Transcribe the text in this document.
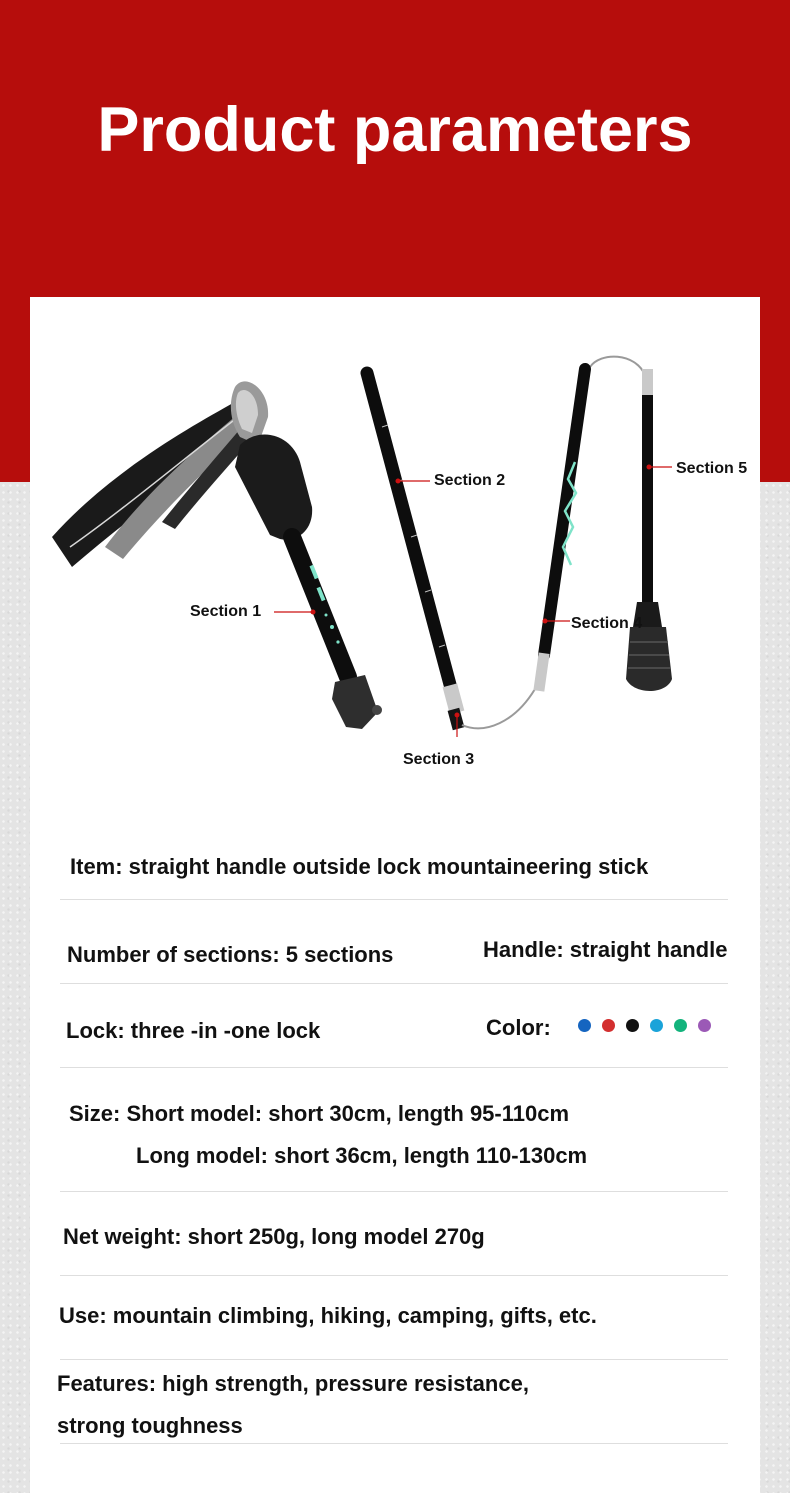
Product parameters
Section 1
Section 2
Section 3
Section 4
Section 5
Item: straight handle outside lock mountaineering stick
Number of sections: 5 sections	Handle: straight handle
Lock: three -in -one lock	Color:
Size: Short model: short 30cm, length 95-110cm
Long model: short 36cm, length 110-130cm
Net weight: short 250g, long model 270g
Use: mountain climbing, hiking, camping, gifts, etc.
Features: high strength, pressure resistance,
strong toughness
